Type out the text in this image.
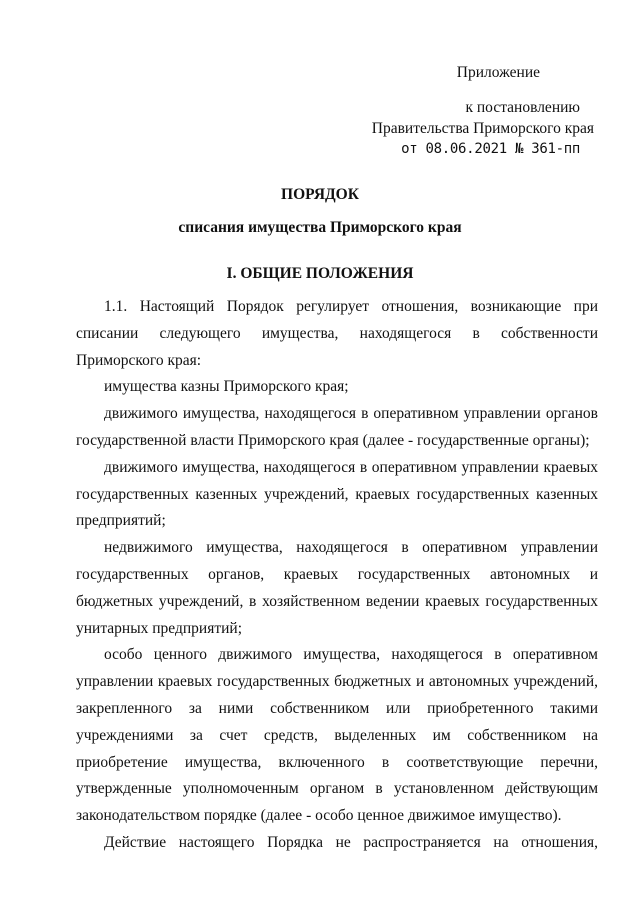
Приложение
к постановлению
Правительства Приморского края
от 08.06.2021 № 361-пп
ПОРЯДОК
списания имущества Приморского края
I. ОБЩИЕ ПОЛОЖЕНИЯ

1.1. Настоящий Порядок регулирует отношения, возникающие при списании следующего имущества, находящегося в собственности Приморского края:

имущества казны Приморского края;

движимого имущества, находящегося в оперативном управлении органов государственной власти Приморского края (далее - государственные органы);

движимого имущества, находящегося в оперативном управлении краевых государственных казенных учреждений, краевых государственных казенных предприятий;

недвижимого имущества, находящегося в оперативном управлении государственных органов, краевых государственных автономных и бюджетных учреждений, в хозяйственном ведении краевых государственных унитарных предприятий;

особо ценного движимого имущества, находящегося в оперативном управлении краевых государственных бюджетных и автономных учреждений, закрепленного за ними собственником или приобретенного такими учреждениями за счет средств, выделенных им собственником на приобретение имущества, включенного в соответствующие перечни, утвержденные уполномоченным органом в установленном действующим законодательством порядке (далее - особо ценное движимое имущество).

Действие настоящего Порядка не распространяется на отношения,
